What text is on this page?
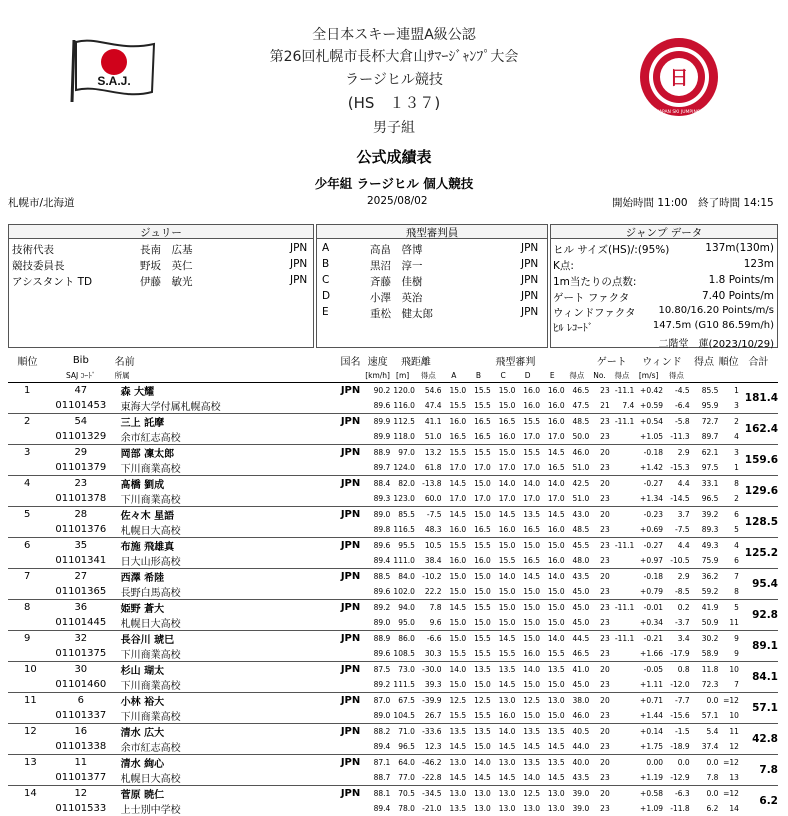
全日本スキー連盟A級公認
第26回札幌市長杯大倉山ｻﾏｰｼﾞｬﾝﾌﾟ大会
ラージヒル競技
(HS　１３７)
男子組
S.A.J.	日
JAPAN SKI JUMPING
公式成績表
少年組 ラージヒル 個人競技
札幌市/北海道	2025/08/02	開始時間 11:00　終了時間 14:15
ジュリー
技術代表	長南　広基	JPN
競技委員長	野坂　英仁	JPN
アシスタント TD	伊藤　敏光	JPN
飛型審判員
A	高畠　啓博	JPN
B	黒沼　淳一	JPN
C	斉藤　佳樹	JPN
D	小澤　英治	JPN
E	重松　健太郎	JPN
ジャンプ データ
ヒル サイズ(HS)/:(95%)	137m(130m)
K点:	123m
1m当たりの点数:	1.8 Points/m
ゲート ファクタ	7.40 Points/m
ウィンドファクタ 10.80/16.20 Points/m/s
ﾋﾙ ﾚｺｰﾄﾞ	147.5m (G10 86.59m/h)
二階堂　蓮(2023/10/29)
順位	Bib	名前	国名	速度	飛距離		飛型審判						ゲート		ウィンド		得点	順位	合計
	SAJ ｺｰﾄﾞ	所属		[km/h]	[m]	得点	A	B	C	D	E	得点	No.	得点	[m/s]	得点			
1	47	森 大耀	JPN	90.2	120.0	54.6	15.0	15.5	15.0	16.0	16.0	46.5	23	-11.1	+0.42	-4.5	85.5	1	181.4
	01101453	東海大学付属札幌高校		89.6	116.0	47.4	15.5	15.5	15.0	16.0	16.0	47.5	21	7.4	+0.59	-6.4	95.9	3	
2	54	三上 託摩	JPN	89.9	112.5	41.1	16.0	16.5	16.5	15.5	16.0	48.5	23	-11.1	+0.54	-5.8	72.7	2	162.4
	01101329	余市紅志高校		89.9	118.0	51.0	16.5	16.5	16.0	17.0	17.0	50.0	23		+1.05	-11.3	89.7	4	
3	29	岡部 凜太郎	JPN	88.9	97.0	13.2	15.5	15.5	15.0	15.5	14.5	46.0	20		-0.18	2.9	62.1	3	159.6
	01101379	下川商業高校		89.7	124.0	61.8	17.0	17.0	17.0	17.0	16.5	51.0	23		+1.42	-15.3	97.5	1	
4	23	髙橋 劉成	JPN	88.4	82.0	-13.8	14.5	15.0	14.0	14.0	14.0	42.5	20		-0.27	4.4	33.1	8	129.6
	01101378	下川商業高校		89.3	123.0	60.0	17.0	17.0	17.0	17.0	17.0	51.0	23		+1.34	-14.5	96.5	2	
5	28	佐々木 星語	JPN	89.0	85.5	-7.5	14.5	15.0	14.5	13.5	14.5	43.0	20		-0.23	3.7	39.2	6	128.5
	01101376	札幌日大高校		89.8	116.5	48.3	16.0	16.5	16.0	16.5	16.0	48.5	23		+0.69	-7.5	89.3	5	
6	35	布施 飛雄真	JPN	89.6	95.5	10.5	15.5	15.5	15.0	15.0	15.0	45.5	23	-11.1	-0.27	4.4	49.3	4	125.2
	01101341	日大山形高校		89.4	111.0	38.4	16.0	16.0	15.5	16.5	16.0	48.0	23		+0.97	-10.5	75.9	6	
7	27	西澤 希陸	JPN	88.5	84.0	-10.2	15.0	15.0	14.0	14.5	14.0	43.5	20		-0.18	2.9	36.2	7	95.4
	01101365	長野白馬高校		89.6	102.0	22.2	15.0	15.0	15.0	15.0	15.0	45.0	23		+0.79	-8.5	59.2	8	
8	36	姫野 蒼大	JPN	89.2	94.0	7.8	14.5	15.5	15.0	15.0	15.0	45.0	23	-11.1	-0.01	0.2	41.9	5	92.8
	01101445	札幌日大高校		89.0	95.0	9.6	15.0	15.0	15.0	15.0	15.0	45.0	23		+0.34	-3.7	50.9	11	
9	32	長谷川 琥巳	JPN	88.9	86.0	-6.6	15.0	15.5	14.5	15.0	14.0	44.5	23	-11.1	-0.21	3.4	30.2	9	89.1
	01101375	下川商業高校		89.6	108.5	30.3	15.5	15.5	15.5	16.0	15.5	46.5	23		+1.66	-17.9	58.9	9	
10	30	杉山 瑚太	JPN	87.5	73.0	-30.0	14.0	13.5	13.5	14.0	13.5	41.0	20		-0.05	0.8	11.8	10	84.1
	01101460	下川商業高校		89.2	111.5	39.3	15.0	15.0	14.5	15.0	15.0	45.0	23		+1.11	-12.0	72.3	7	
11	6	小林 裕大	JPN	87.0	67.5	-39.9	12.5	12.5	13.0	12.5	13.0	38.0	20		+0.71	-7.7	0.0	=12	57.1
	01101337	下川商業高校		89.0	104.5	26.7	15.5	15.5	16.0	15.0	15.0	46.0	23		+1.44	-15.6	57.1	10	
12	16	清水 広大	JPN	88.2	71.0	-33.6	13.5	13.5	14.0	13.5	13.5	40.5	20		+0.14	-1.5	5.4	11	42.8
	01101338	余市紅志高校		89.4	96.5	12.3	14.5	15.0	14.5	14.5	14.5	44.0	23		+1.75	-18.9	37.4	12	
13	11	清水 絢心	JPN	87.1	64.0	-46.2	13.0	14.0	13.0	13.5	13.5	40.0	20		0.00	0.0	0.0	=12	7.8
	01101377	札幌日大高校		88.7	77.0	-22.8	14.5	14.5	14.5	14.0	14.5	43.5	23		+1.19	-12.9	7.8	13	
14	12	菅原 暁仁	JPN	88.1	70.5	-34.5	13.0	13.0	13.0	12.5	13.0	39.0	20		+0.58	-6.3	0.0	=12	6.2
	01101533	上士別中学校		89.4	78.0	-21.0	13.5	13.0	13.0	13.0	13.0	39.0	23		+1.09	-11.8	6.2	14	
